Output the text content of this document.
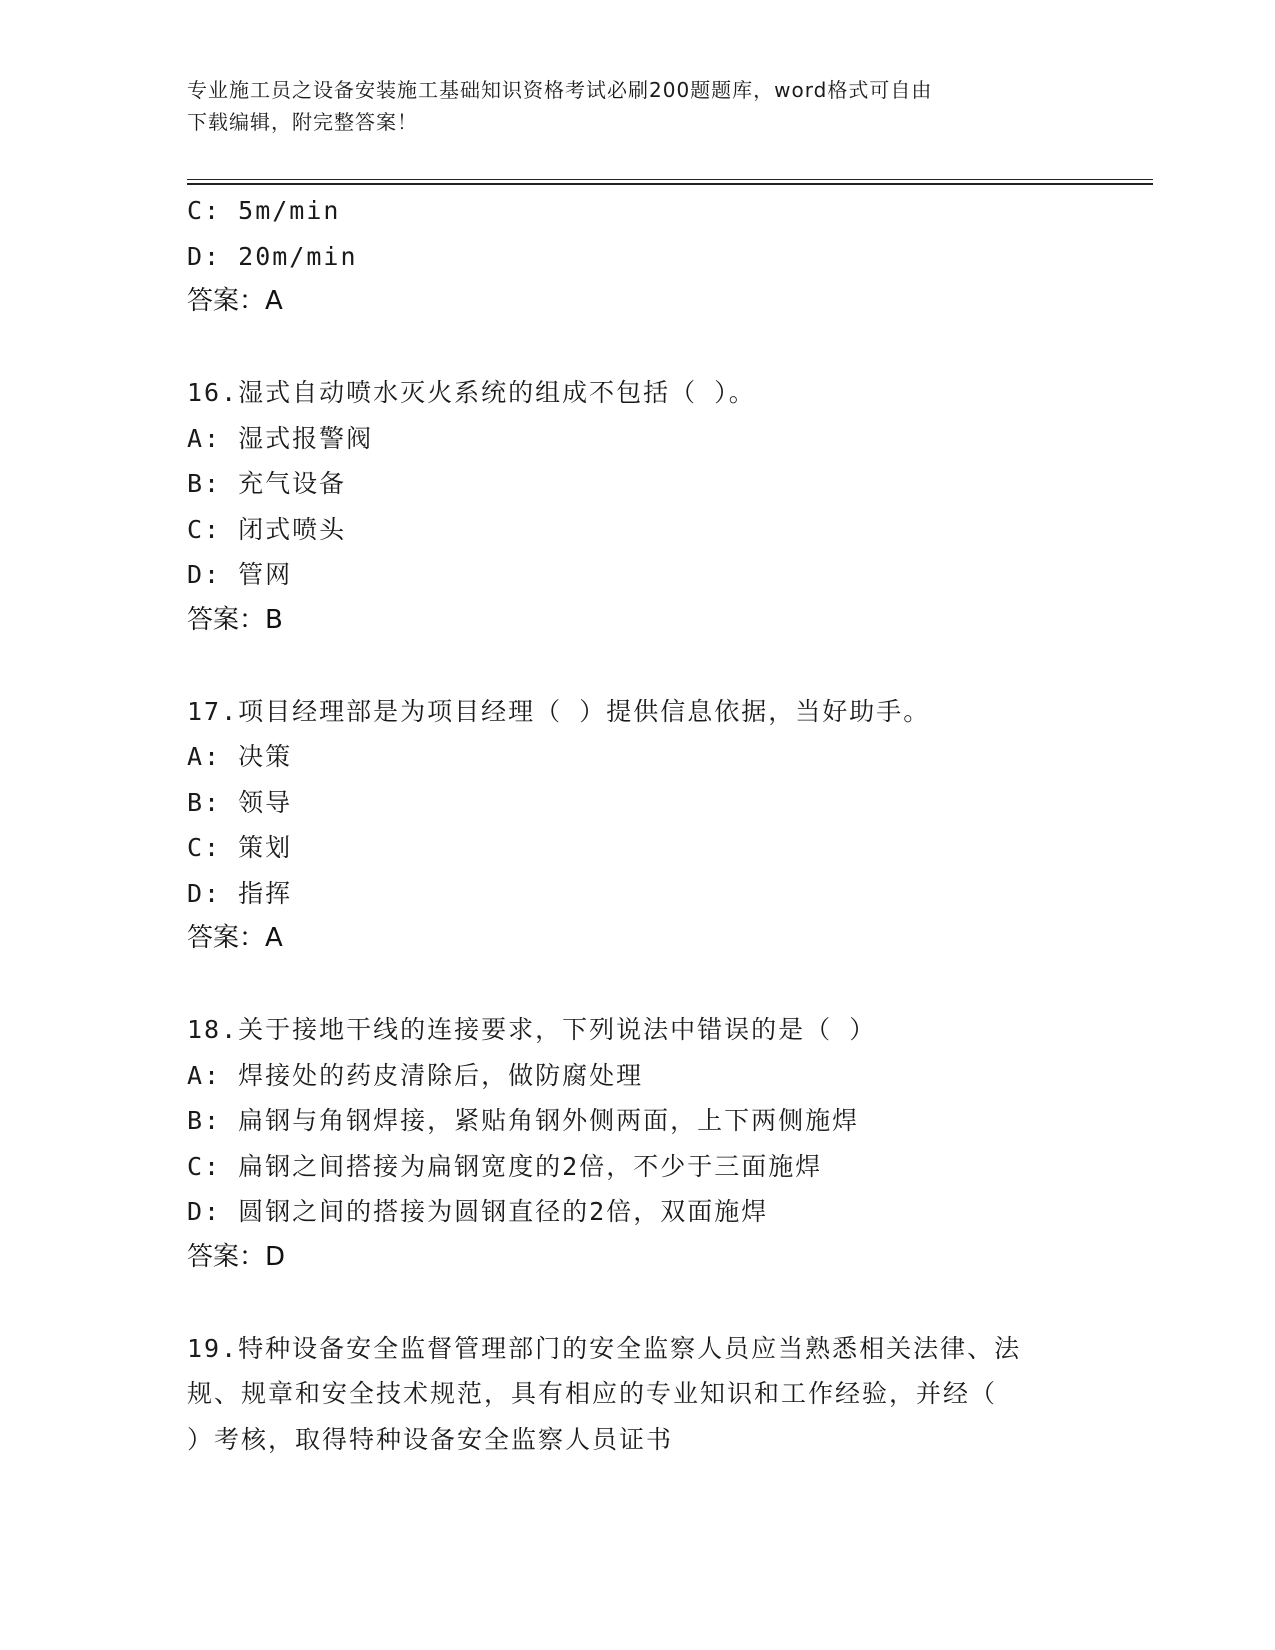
专业施工员之设备安装施工基础知识资格考试必刷200题题库，word格式可自由
下载编辑，附完整答案！
C: 5m/min
D: 20m/min
答案：A
16.湿式自动喷水灭火系统的组成不包括（ ）。
A: 湿式报警阀
B: 充气设备
C: 闭式喷头
D: 管网
答案：B
17.项目经理部是为项目经理（ ）提供信息依据，当好助手。
A: 决策
B: 领导
C: 策划
D: 指挥
答案：A
18.关于接地干线的连接要求，下列说法中错误的是（ ）
A: 焊接处的药皮清除后，做防腐处理
B: 扁钢与角钢焊接，紧贴角钢外侧两面，上下两侧施焊
C: 扁钢之间搭接为扁钢宽度的2倍，不少于三面施焊
D: 圆钢之间的搭接为圆钢直径的2倍，双面施焊
答案：D
19.特种设备安全监督管理部门的安全监察人员应当熟悉相关法律、法
规、规章和安全技术规范，具有相应的专业知识和工作经验，并经（
）考核，取得特种设备安全监察人员证书
